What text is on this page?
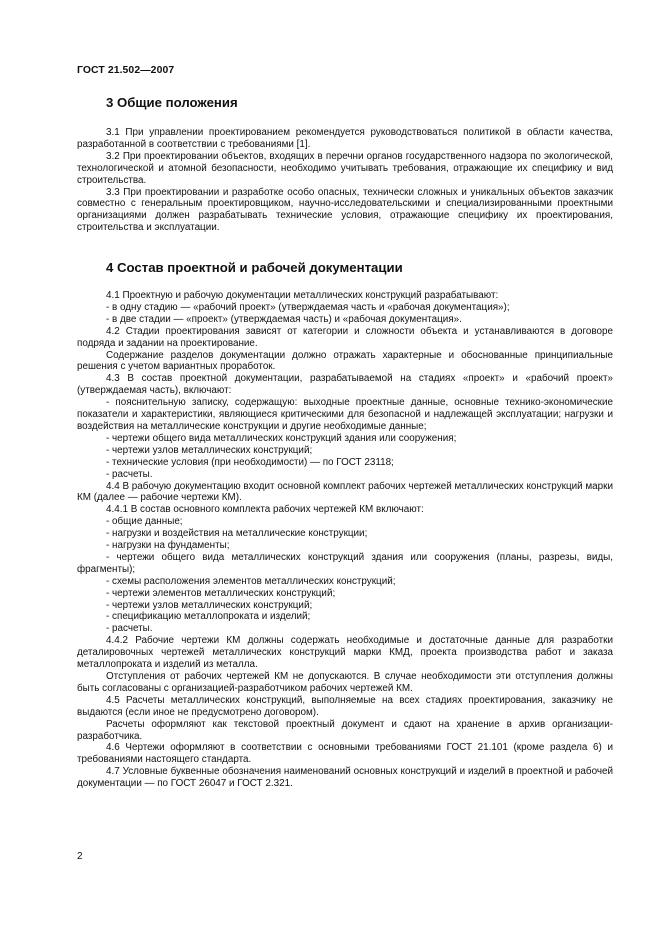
ГОСТ 21.502—2007
3 Общие положения

3.1 При управлении проектированием рекомендуется руководствоваться политикой в области качества, разработанной в соответствии с требованиями [1].

3.2 При проектировании объектов, входящих в перечни органов государственного надзора по экологической, технологической и атомной безопасности, необходимо учитывать требования, отражающие их специфику и вид строительства.

3.3 При проектировании и разработке особо опасных, технически сложных и уникальных объектов заказчик совместно с генеральным проектировщиком, научно-исследовательскими и специализированными проектными организациями должен разрабатывать технические условия, отражающие специфику их проектирования, строительства и эксплуатации.

4 Состав проектной и рабочей документации

4.1 Проектную и рабочую документации металлических конструкций разрабатывают:

- в одну стадию — «рабочий проект» (утверждаемая часть и «рабочая документация»);

- в две стадии — «проект» (утверждаемая часть) и «рабочая документация».

4.2 Стадии проектирования зависят от категории и сложности объекта и устанавливаются в договоре подряда и задании на проектирование.

Содержание разделов документации должно отражать характерные и обоснованные принципиальные решения с учетом вариантных проработок.

4.3 В состав проектной документации, разрабатываемой на стадиях «проект» и «рабочий проект» (утверждаемая часть), включают:

- пояснительную записку, содержащую: выходные проектные данные, основные технико-экономические показатели и характеристики, являющиеся критическими для безопасной и надлежащей эксплуатации; нагрузки и воздействия на металлические конструкции и другие необходимые данные;

- чертежи общего вида металлических конструкций здания или сооружения;

- чертежи узлов металлических конструкций;

- технические условия (при необходимости) — по ГОСТ 23118;

- расчеты.

4.4 В рабочую документацию входит основной комплект рабочих чертежей металлических конструкций марки КМ (далее — рабочие чертежи КМ).

4.4.1 В состав основного комплекта рабочих чертежей КМ включают:

- общие данные;

- нагрузки и воздействия на металлические конструкции;

- нагрузки на фундаменты;

- чертежи общего вида металлических конструкций здания или сооружения (планы, разрезы, виды, фрагменты);

- схемы расположения элементов металлических конструкций;

- чертежи элементов металлических конструкций;

- чертежи узлов металлических конструкций;

- спецификацию металлопроката и изделий;

- расчеты.

4.4.2 Рабочие чертежи КМ должны содержать необходимые и достаточные данные для разработки деталировочных чертежей металлических конструкций марки КМД, проекта производства работ и заказа металлопроката и изделий из металла.

Отступления от рабочих чертежей КМ не допускаются. В случае необходимости эти отступления должны быть согласованы с организацией-разработчиком рабочих чертежей КМ.

4.5 Расчеты металлических конструкций, выполняемые на всех стадиях проектирования, заказчику не выдаются (если иное не предусмотрено договором).

Расчеты оформляют как текстовой проектный документ и сдают на хранение в архив организации-разработчика.

4.6 Чертежи оформляют в соответствии с основными требованиями ГОСТ 21.101 (кроме раздела 6) и требованиями настоящего стандарта.

4.7 Условные буквенные обозначения наименований основных конструкций и изделий в проектной и рабочей документации — по ГОСТ 26047 и ГОСТ 2.321.

2
